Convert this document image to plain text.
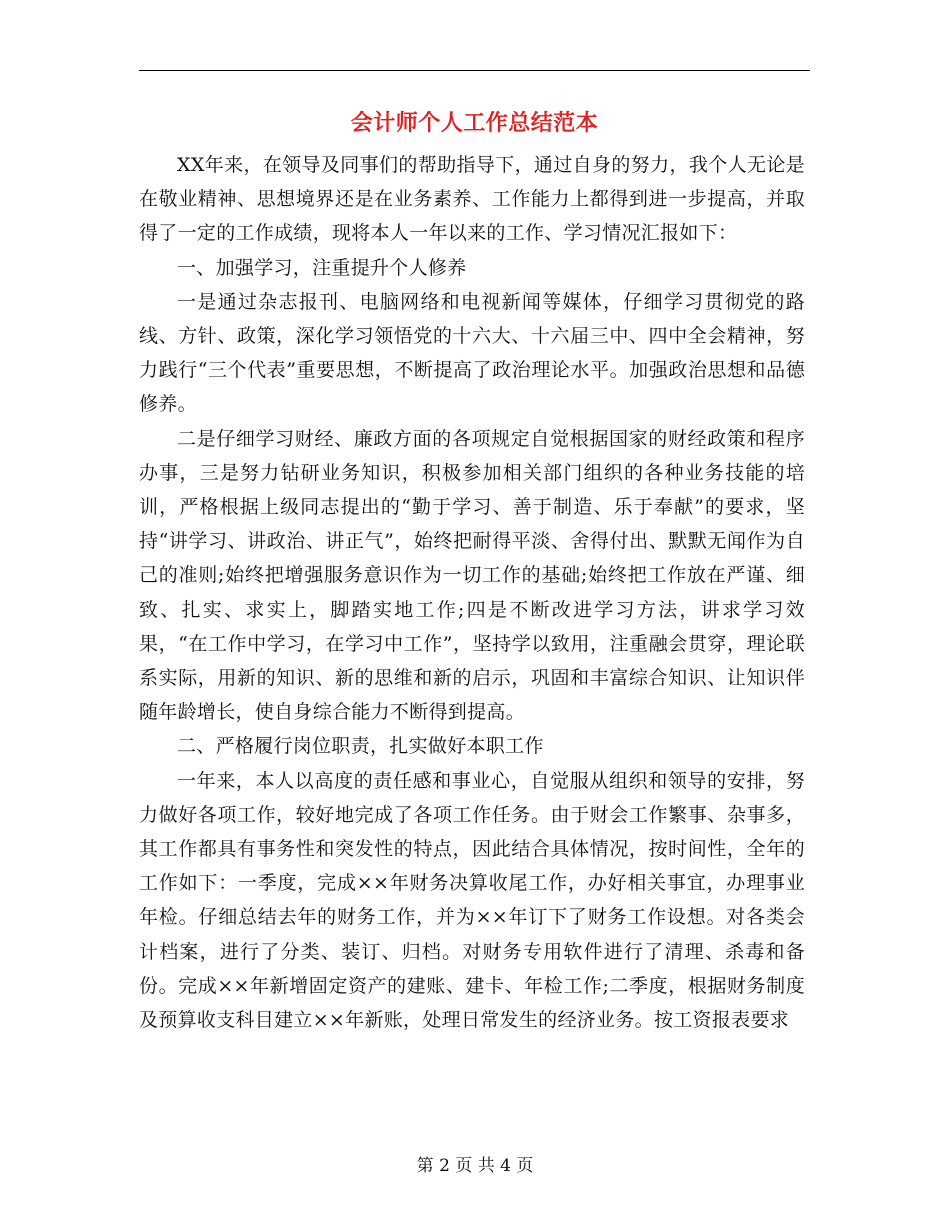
会计师个人工作总结范本

XX年来，在领导及同事们的帮助指导下，通过自身的努力，我个人无论是在敬业精神、思想境界还是在业务素养、工作能力上都得到进一步提高，并取得了一定的工作成绩，现将本人一年以来的工作、学习情况汇报如下：

一、加强学习，注重提升个人修养

一是通过杂志报刊、电脑网络和电视新闻等媒体，仔细学习贯彻党的路线、方针、政策，深化学习领悟党的十六大、十六届三中、四中全会精神，努力践行“三个代表”重要思想，不断提高了政治理论水平。加强政治思想和品德修养。

二是仔细学习财经、廉政方面的各项规定自觉根据国家的财经政策和程序办事，三是努力钻研业务知识，积极参加相关部门组织的各种业务技能的培训，严格根据上级同志提出的“勤于学习、善于制造、乐于奉献”的要求，坚持“讲学习、讲政治、讲正气”，始终把耐得平淡、舍得付出、默默无闻作为自己的准则;始终把增强服务意识作为一切工作的基础;始终把工作放在严谨、细致、扎实、求实上，脚踏实地工作;四是不断改进学习方法，讲求学习效果，“在工作中学习，在学习中工作”，坚持学以致用，注重融会贯穿，理论联系实际，用新的知识、新的思维和新的启示，巩固和丰富综合知识、让知识伴随年龄增长，使自身综合能力不断得到提高。

二、严格履行岗位职责，扎实做好本职工作

一年来，本人以高度的责任感和事业心，自觉服从组织和领导的安排，努力做好各项工作，较好地完成了各项工作任务。由于财会工作繁事、杂事多，其工作都具有事务性和突发性的特点，因此结合具体情况，按时间性，全年的工作如下：一季度，完成××年财务决算收尾工作，办好相关事宜，办理事业年检。仔细总结去年的财务工作，并为××年订下了财务工作设想。对各类会计档案，进行了分类、装订、归档。对财务专用软件进行了清理、杀毒和备份。完成××年新增固定资产的建账、建卡、年检工作;二季度，根据财务制度及预算收支科目建立××年新账，处理日常发生的经济业务。按工资报表要求

第 2 页 共 4 页
